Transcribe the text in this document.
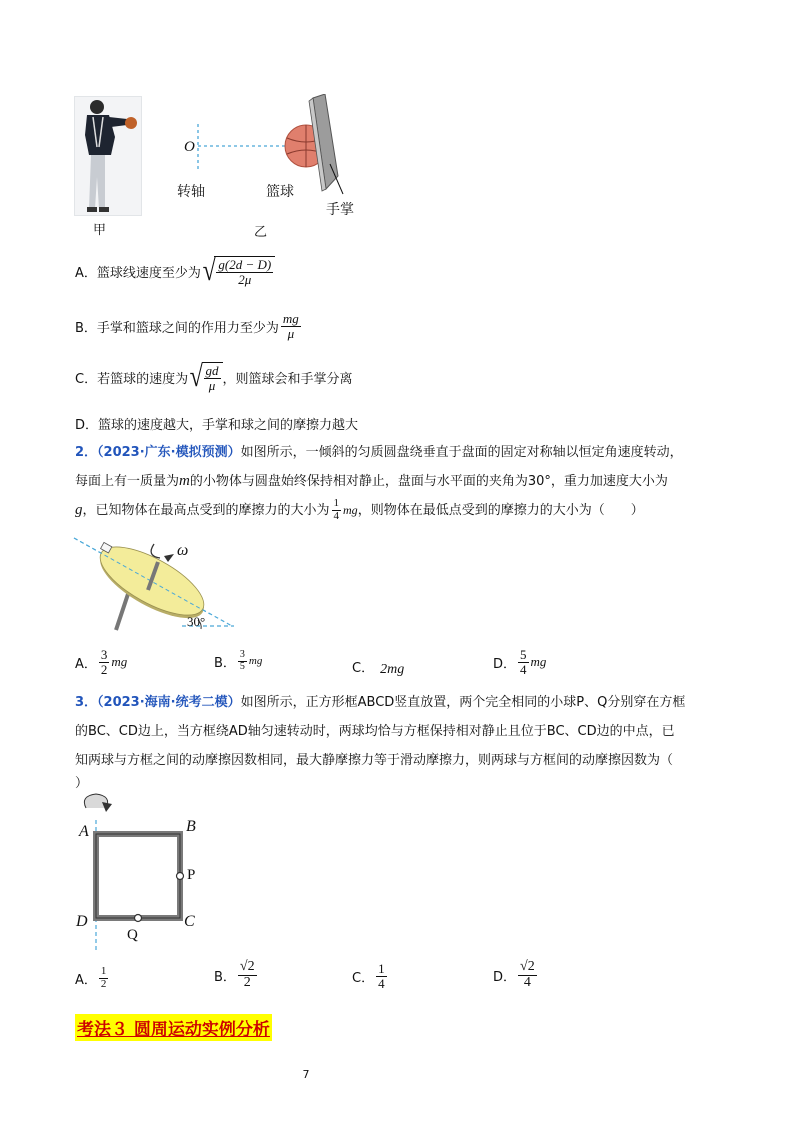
甲
O
转轴	篮球
手掌
乙
A．篮球线速度至少为 √ $\frac{g(2d - D)}{2\mu}$
B．手掌和篮球之间的作用力至少为 $\frac{mg}{\mu}$
C．若篮球的速度为 √ $\frac{gd}{\mu}$ ，则篮球会和手掌分离
D．篮球的速度越大，手掌和球之间的摩擦力越大
2．（2023·广东·模拟预测）如图所示，一倾斜的匀质圆盘绕垂直于盘面的固定对称轴以恒定角速度转动，
每面上有一质量为m的小物体与圆盘始终保持相对静止，盘面与水平面的夹角为30°，重力加速度大小为
g ，已知物体在最高点受到的摩擦力的大小为 $\frac{1}{4}$ mg ，则物体在最低点受到的摩擦力的大小为（　　）
ω
30°
A． $\frac{3}{2}$ mg	B． $\frac{3}{5}$ mg	C． 2mg	D． $\frac{5}{4}$ mg
3．（2023·海南·统考二模）如图所示，正方形框ABCD竖直放置，两个完全相同的小球P、Q分别穿在方框
的BC、CD边上，当方框绕AD轴匀速转动时，两球均恰与方框保持相对静止且位于BC、CD边的中点，已
知两球与方框之间的动摩擦因数相同，最大静摩擦力等于滑动摩擦力，则两球与方框间的动摩擦因数为（
）
A	B
P
D	C
Q
A． $\frac{1}{2}$	B． $\frac{√2}{2}$	C． $\frac{1}{4}$	D． $\frac{√2}{4}$
考法３ 圆周运动实例分析
7
